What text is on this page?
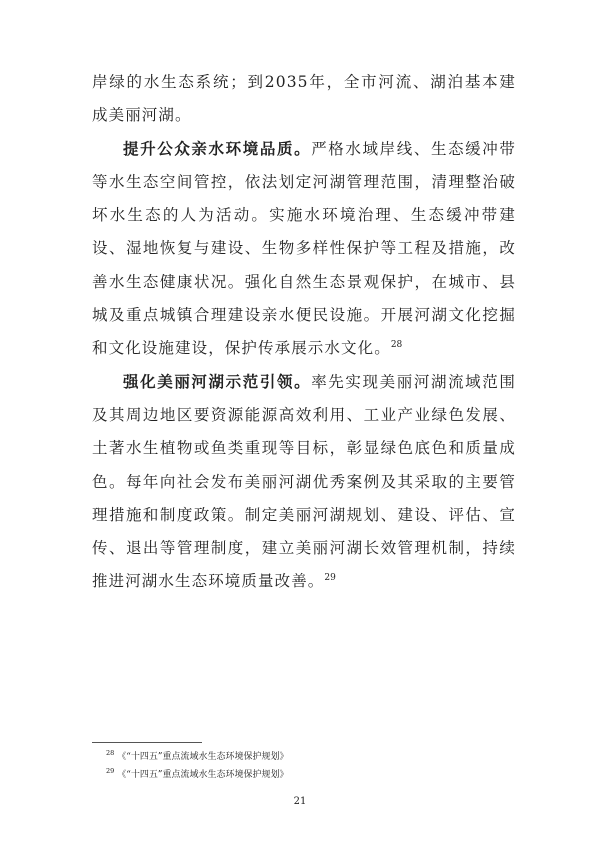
岸绿的水生态系统；到2035年，全市河流、湖泊基本建成美丽河湖。

提升公众亲水环境品质。严格水域岸线、生态缓冲带等水生态空间管控，依法划定河湖管理范围，清理整治破坏水生态的人为活动。实施水环境治理、生态缓冲带建设、湿地恢复与建设、生物多样性保护等工程及措施，改善水生态健康状况。强化自然生态景观保护，在城市、县城及重点城镇合理建设亲水便民设施。开展河湖文化挖掘和文化设施建设，保护传承展示水文化。$^{28}$

强化美丽河湖示范引领。率先实现美丽河湖流域范围及其周边地区要资源能源高效利用、工业产业绿色发展、土著水生植物或鱼类重现等目标，彰显绿色底色和质量成色。每年向社会发布美丽河湖优秀案例及其采取的主要管理措施和制度政策。制定美丽河湖规划、建设、评估、宣传、退出等管理制度，建立美丽河湖长效管理机制，持续推进河湖水生态环境质量改善。$^{29}$

$^{28}$ 《“十四五”重点流域水生态环境保护规划》
$^{29}$ 《“十四五”重点流域水生态环境保护规划》
21
